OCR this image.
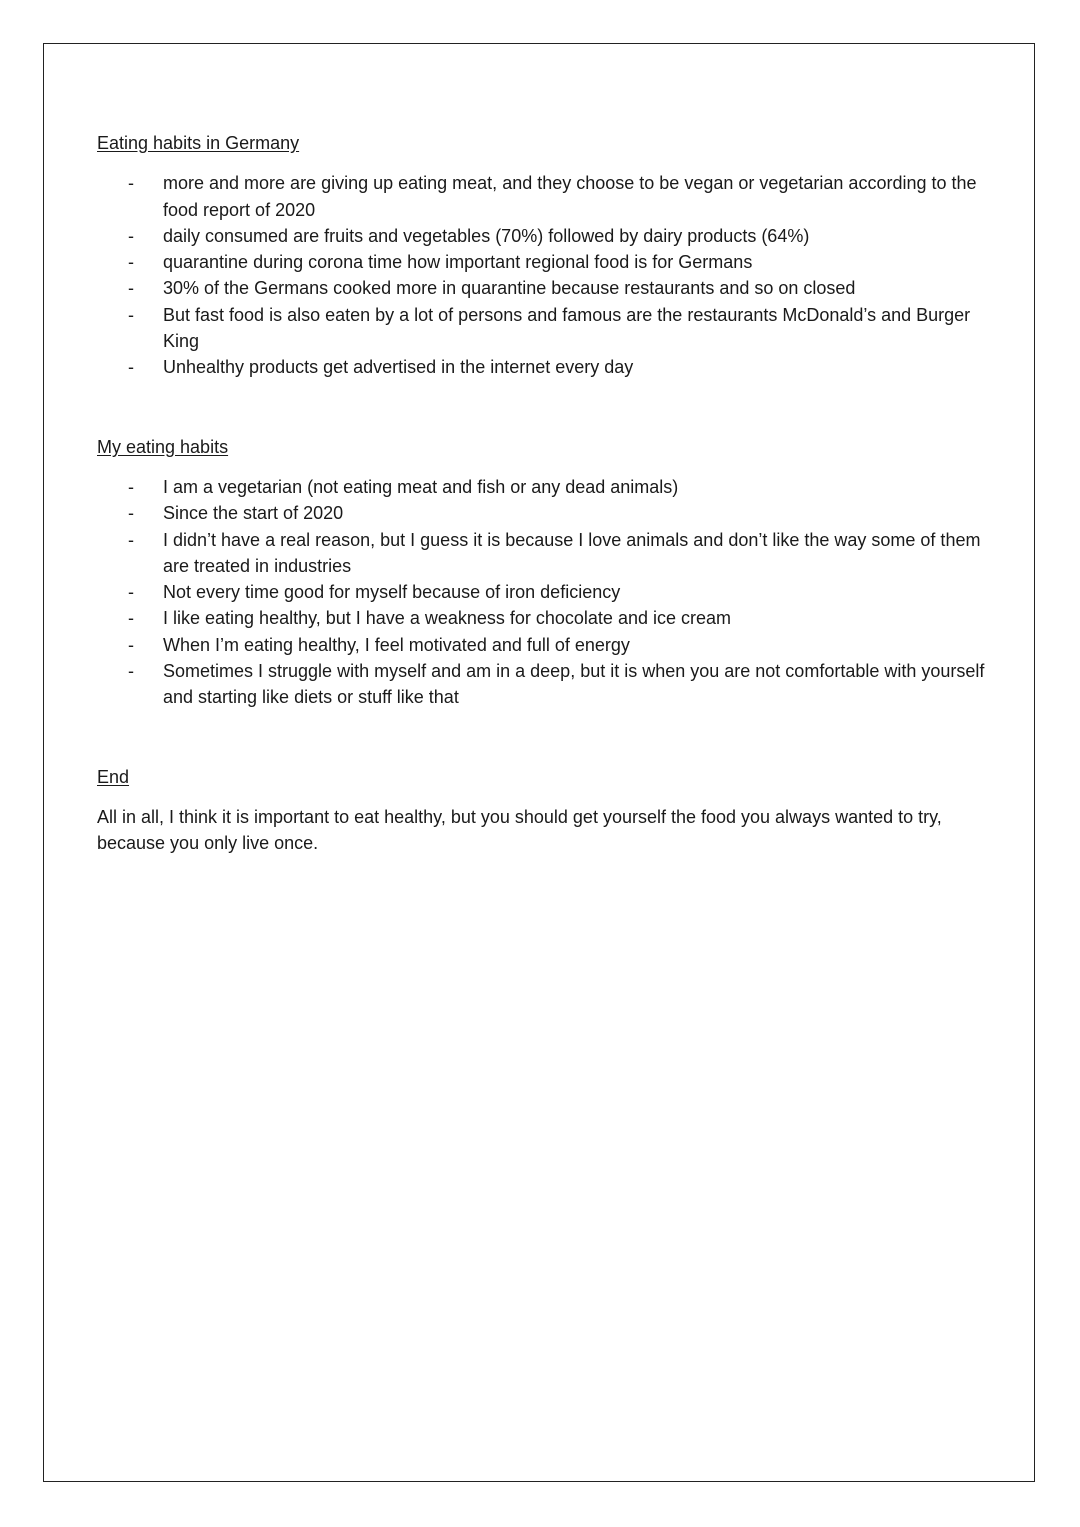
Eating habits in Germany
- more and more are giving up eating meat, and they choose to be vegan or vegetarian according to the food report of 2020
- daily consumed are fruits and vegetables (70%) followed by dairy products (64%)
- quarantine during corona time how important regional food is for Germans
- 30% of the Germans cooked more in quarantine because restaurants and so on closed
- But fast food is also eaten by a lot of persons and famous are the restaurants McDonald’s and Burger King
- Unhealthy products get advertised in the internet every day
My eating habits
- I am a vegetarian (not eating meat and fish or any dead animals)
- Since the start of 2020
- I didn’t have a real reason, but I guess it is because I love animals and don’t like the way some of them are treated in industries
- Not every time good for myself because of iron deficiency
- I like eating healthy, but I have a weakness for chocolate and ice cream
- When I’m eating healthy, I feel motivated and full of energy
- Sometimes I struggle with myself and am in a deep, but it is when you are not comfortable with yourself and starting like diets or stuff like that
End

All in all, I think it is important to eat healthy, but you should get yourself the food you always wanted to try, because you only live once.
